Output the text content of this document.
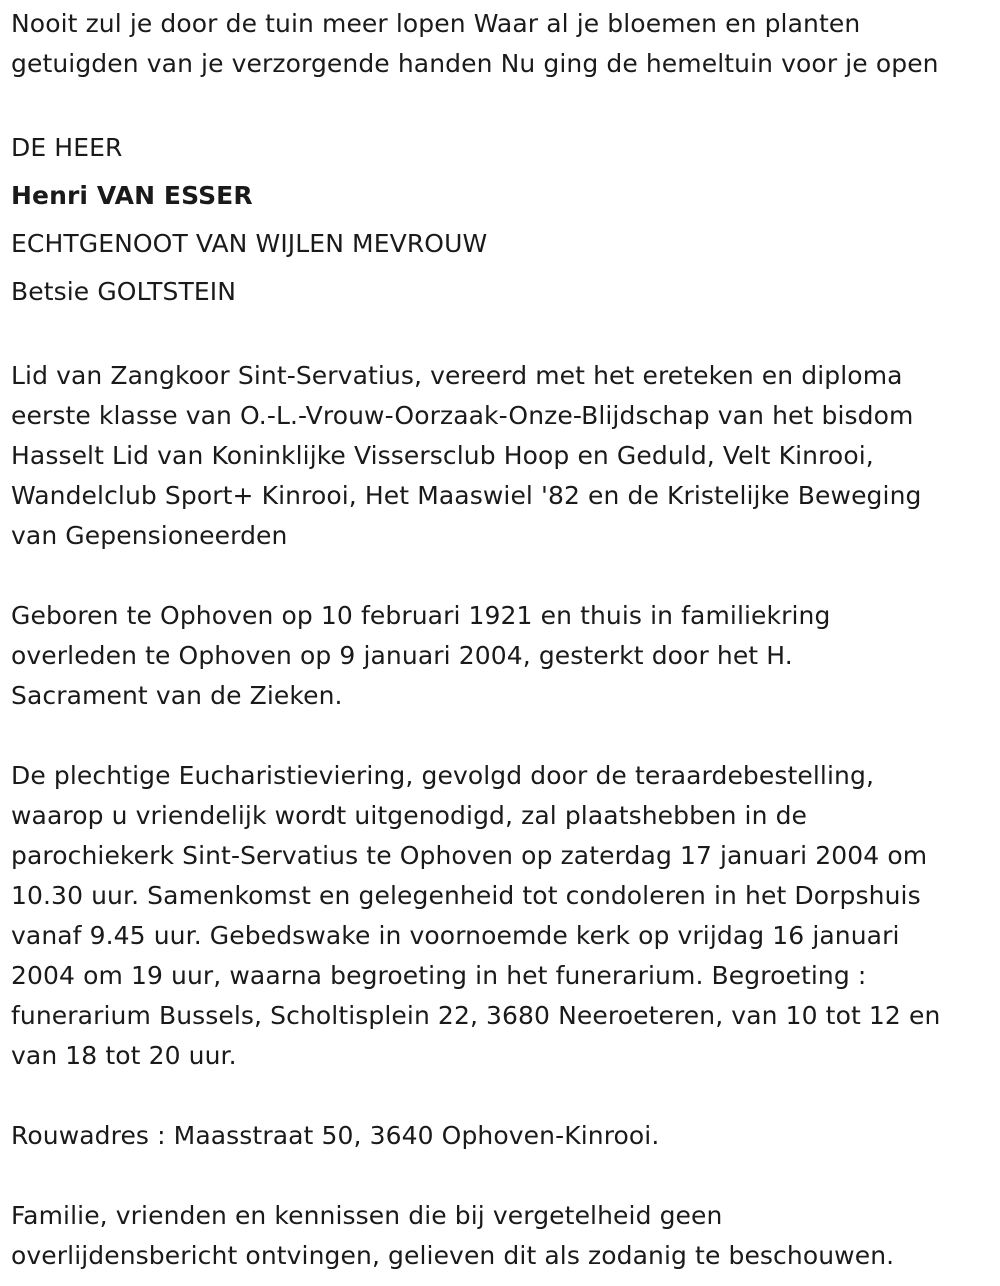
Nooit zul je door de tuin meer lopen Waar al je bloemen en planten
getuigden van je verzorgende handen Nu ging de hemeltuin voor je open
DE HEER
Henri VAN ESSER
ECHTGENOOT VAN WIJLEN MEVROUW
Betsie GOLTSTEIN
Lid van Zangkoor Sint-Servatius, vereerd met het ereteken en diploma
eerste klasse van O.-L.-Vrouw-Oorzaak-Onze-Blijdschap van het bisdom
Hasselt Lid van Koninklijke Vissersclub Hoop en Geduld, Velt Kinrooi,
Wandelclub Sport+ Kinrooi, Het Maaswiel '82 en de Kristelijke Beweging
van Gepensioneerden
Geboren te Ophoven op 10 februari 1921 en thuis in familiekring
overleden te Ophoven op 9 januari 2004, gesterkt door het H.
Sacrament van de Zieken.
De plechtige Eucharistieviering, gevolgd door de teraardebestelling,
waarop u vriendelijk wordt uitgenodigd, zal plaatshebben in de
parochiekerk Sint-Servatius te Ophoven op zaterdag 17 januari 2004 om
10.30 uur. Samenkomst en gelegenheid tot condoleren in het Dorpshuis
vanaf 9.45 uur. Gebedswake in voornoemde kerk op vrijdag 16 januari
2004 om 19 uur, waarna begroeting in het funerarium. Begroeting :
funerarium Bussels, Scholtisplein 22, 3680 Neeroeteren, van 10 tot 12 en
van 18 tot 20 uur.
Rouwadres : Maasstraat 50, 3640 Ophoven-Kinrooi.
Familie, vrienden en kennissen die bij vergetelheid geen
overlijdensbericht ontvingen, gelieven dit als zodanig te beschouwen.
